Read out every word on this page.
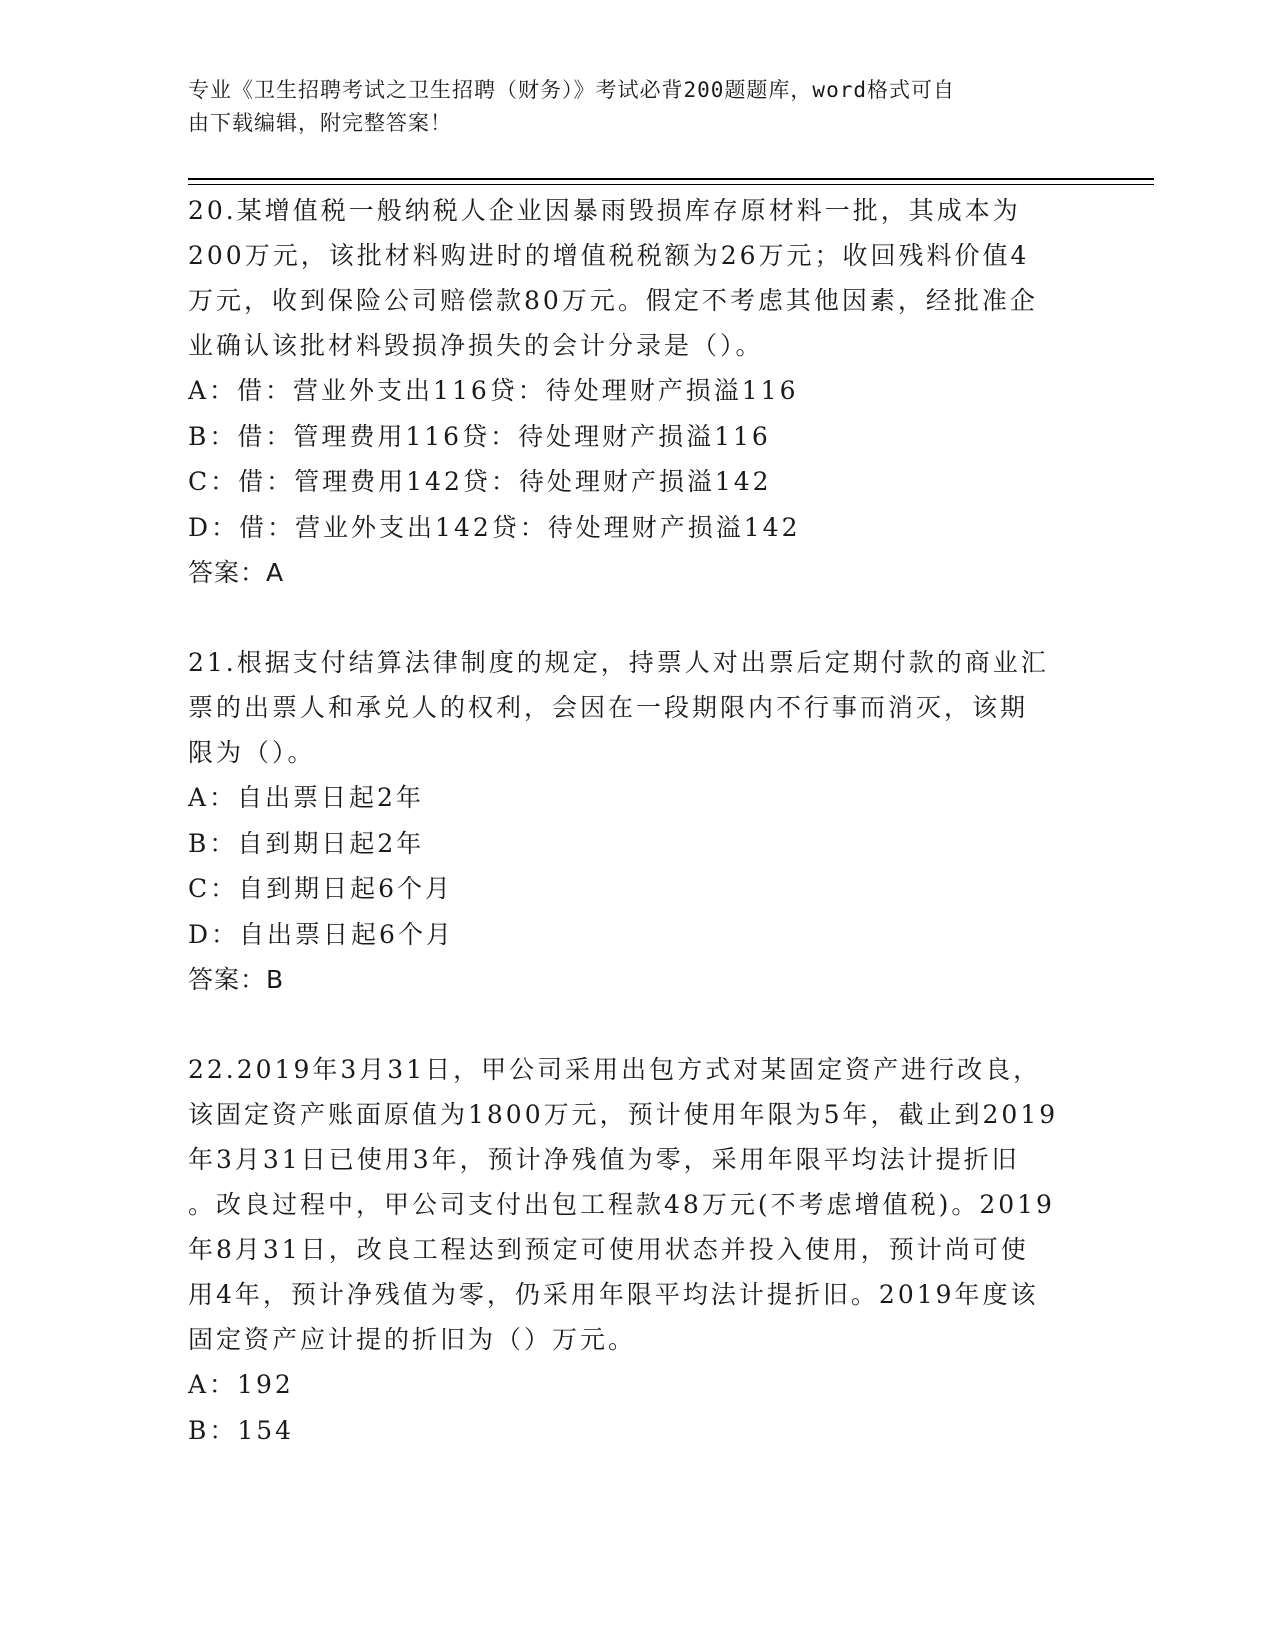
专业《卫生招聘考试之卫生招聘（财务）》考试必背200题题库，word格式可自
由下载编辑，附完整答案！

20.某增值税一般纳税人企业因暴雨毁损库存原材料一批，其成本为

200万元，该批材料购进时的增值税税额为26万元；收回残料价值4

万元，收到保险公司赔偿款80万元。假定不考虑其他因素，经批准企

业确认该批材料毁损净损失的会计分录是（）。

A：借：营业外支出116贷：待处理财产损溢116

B：借：管理费用116贷：待处理财产损溢116

C：借：管理费用142贷：待处理财产损溢142

D：借：营业外支出142贷：待处理财产损溢142

答案：A

21.根据支付结算法律制度的规定，持票人对出票后定期付款的商业汇

票的出票人和承兑人的权利，会因在一段期限内不行事而消灭，该期

限为（）。

A：自出票日起2年

B：自到期日起2年

C：自到期日起6个月

D：自出票日起6个月

答案：B

22.2019年3月31日，甲公司采用出包方式对某固定资产进行改良，

该固定资产账面原值为1800万元，预计使用年限为5年，截止到2019

年3月31日已使用3年，预计净残值为零，采用年限平均法计提折旧

。改良过程中，甲公司支付出包工程款48万元(不考虑增值税)。2019

年8月31日，改良工程达到预定可使用状态并投入使用，预计尚可使

用4年，预计净残值为零，仍采用年限平均法计提折旧。2019年度该

固定资产应计提的折旧为（）万元。

A：192

B：154
